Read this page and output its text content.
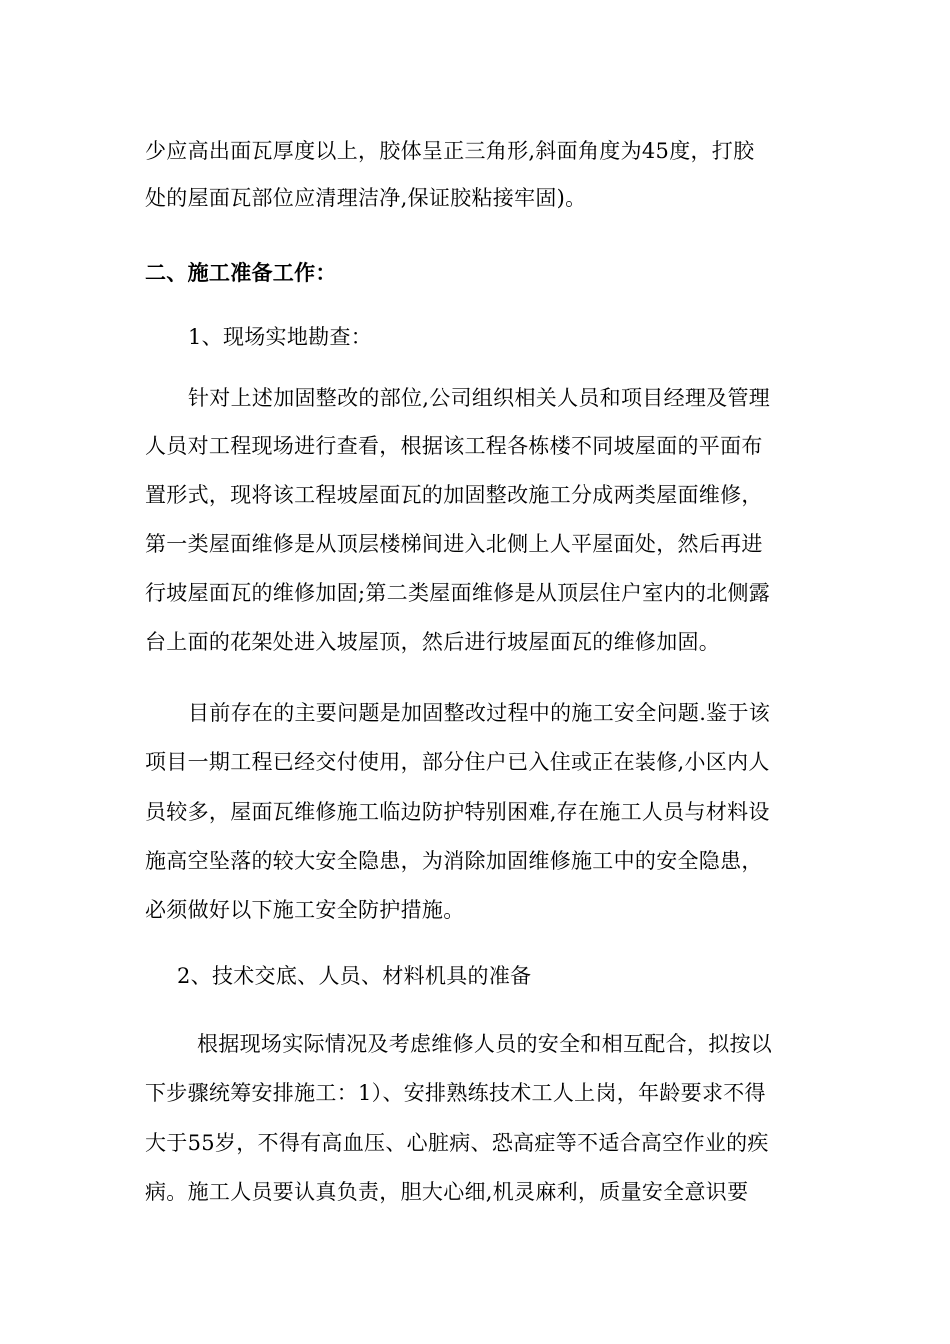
少应高出面瓦厚度以上，胶体呈正三角形,斜面角度为45度，打胶
处的屋面瓦部位应清理洁净,保证胶粘接牢固)。
二、施工准备工作：
1、现场实地勘查：
针对上述加固整改的部位,公司组织相关人员和项目经理及管理
人员对工程现场进行查看，根据该工程各栋楼不同坡屋面的平面布
置形式，现将该工程坡屋面瓦的加固整改施工分成两类屋面维修，
第一类屋面维修是从顶层楼梯间进入北侧上人平屋面处，然后再进
行坡屋面瓦的维修加固;第二类屋面维修是从顶层住户室内的北侧露
台上面的花架处进入坡屋顶，然后进行坡屋面瓦的维修加固。
目前存在的主要问题是加固整改过程中的施工安全问题.鉴于该
项目一期工程已经交付使用，部分住户已入住或正在装修,小区内人
员较多，屋面瓦维修施工临边防护特别困难,存在施工人员与材料设
施高空坠落的较大安全隐患，为消除加固维修施工中的安全隐患，
必须做好以下施工安全防护措施。
2、技术交底、人员、材料机具的准备
根据现场实际情况及考虑维修人员的安全和相互配合，拟按以
下步骤统筹安排施工：1）、安排熟练技术工人上岗，年龄要求不得
大于55岁，不得有高血压、心脏病、恐高症等不适合高空作业的疾
病。施工人员要认真负责，胆大心细,机灵麻利，质量安全意识要
